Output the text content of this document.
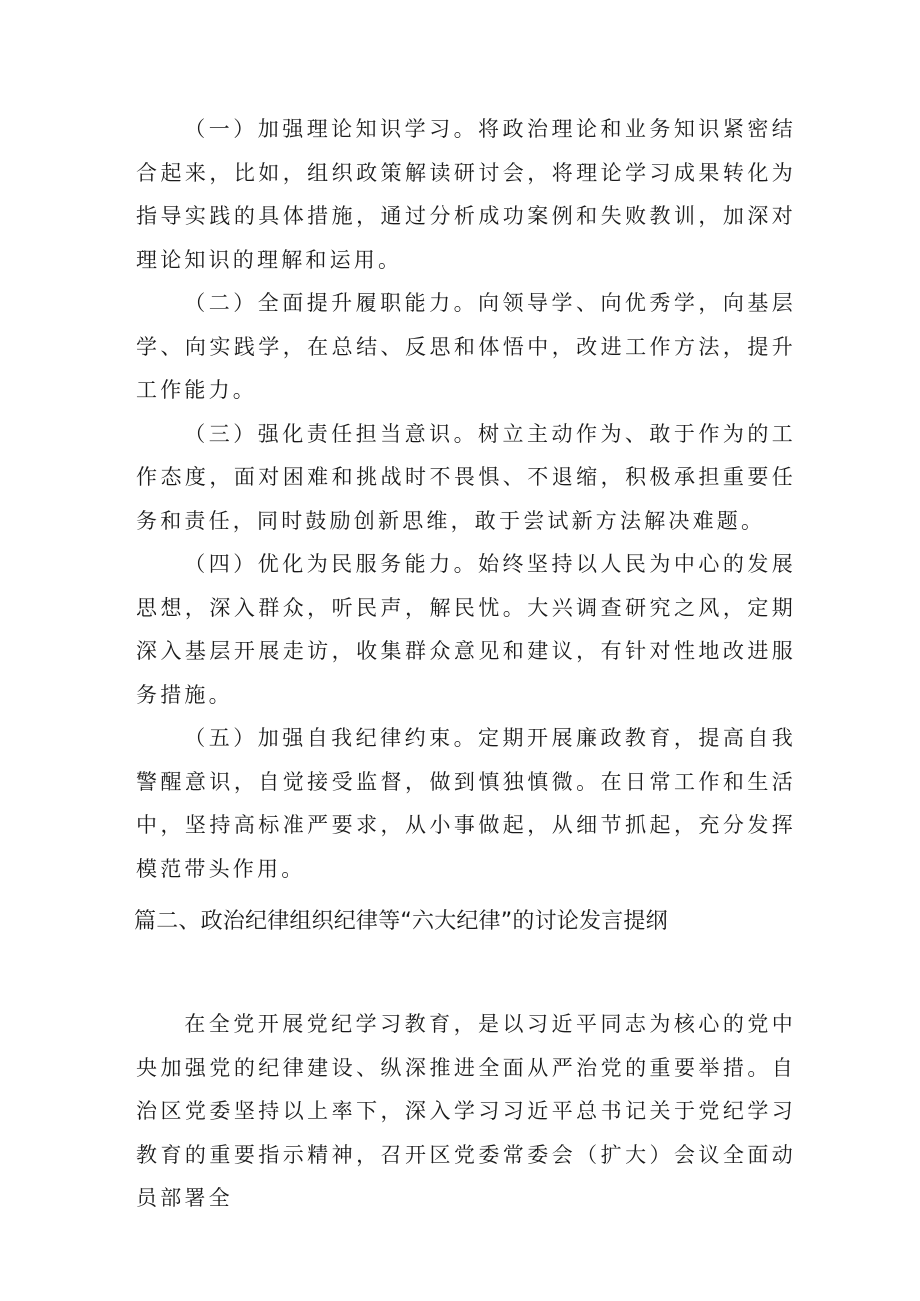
（一）加强理论知识学习。将政治理论和业务知识紧密结合起来，比如，组织政策解读研讨会，将理论学习成果转化为指导实践的具体措施，通过分析成功案例和失败教训，加深对理论知识的理解和运用。

（二）全面提升履职能力。向领导学、向优秀学，向基层学、向实践学，在总结、反思和体悟中，改进工作方法，提升工作能力。

（三）强化责任担当意识。树立主动作为、敢于作为的工作态度，面对困难和挑战时不畏惧、不退缩，积极承担重要任务和责任，同时鼓励创新思维，敢于尝试新方法解决难题。

（四）优化为民服务能力。始终坚持以人民为中心的发展思想，深入群众，听民声，解民忧。大兴调查研究之风，定期深入基层开展走访，收集群众意见和建议，有针对性地改进服务措施。

（五）加强自我纪律约束。定期开展廉政教育，提高自我警醒意识，自觉接受监督，做到慎独慎微。在日常工作和生活中，坚持高标准严要求，从小事做起，从细节抓起，充分发挥模范带头作用。

篇二、政治纪律组织纪律等“六大纪律”的讨论发言提纲

在全党开展党纪学习教育，是以习近平同志为核心的党中央加强党的纪律建设、纵深推进全面从严治党的重要举措。自治区党委坚持以上率下，深入学习习近平总书记关于党纪学习教育的重要指示精神，召开区党委常委会（扩大）会议全面动员部署全
